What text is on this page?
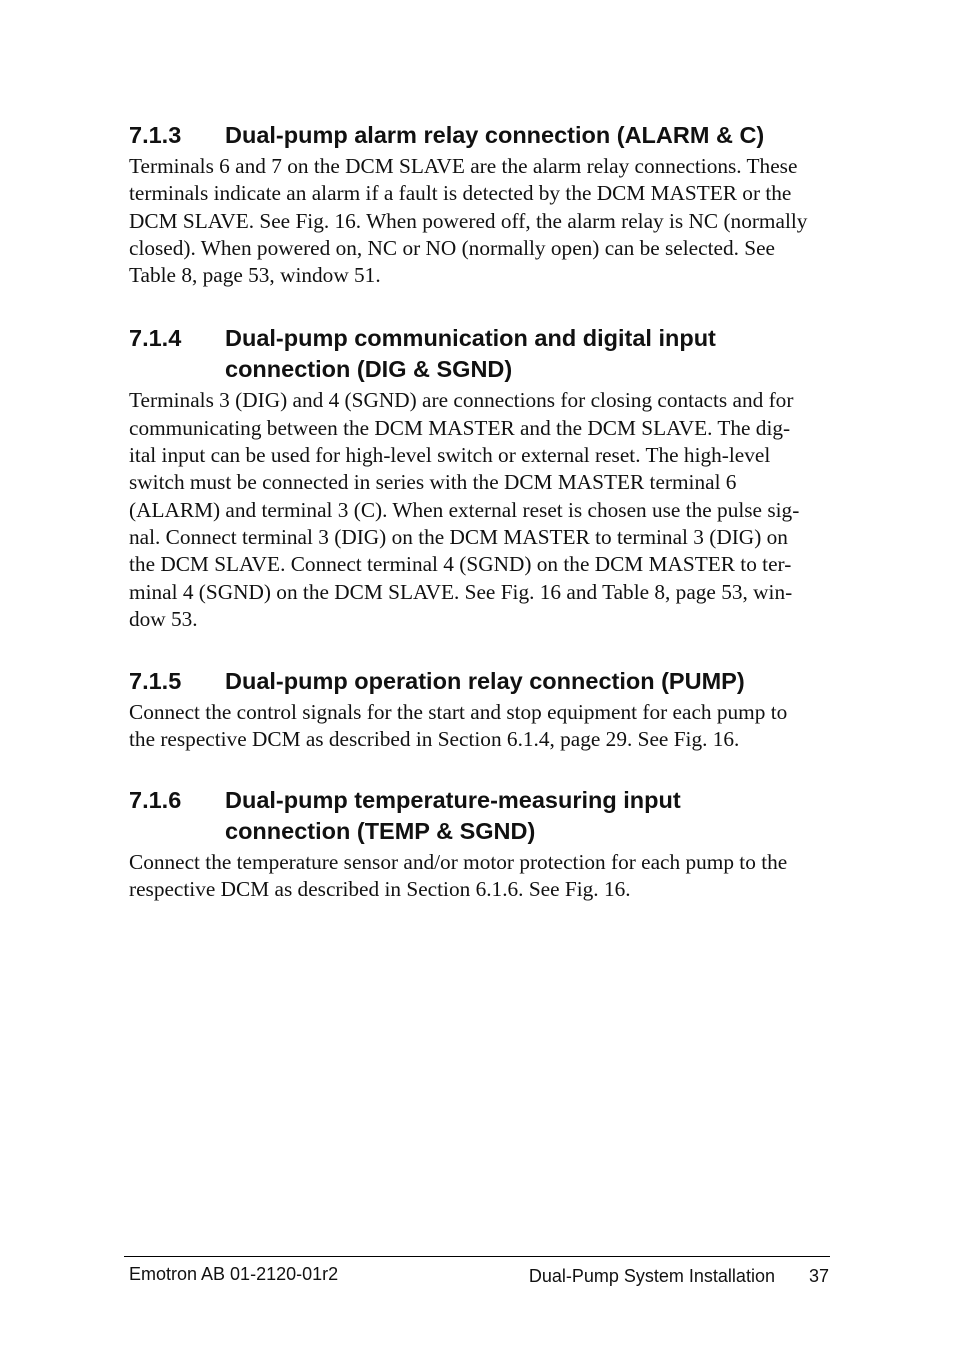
7.1.3	Dual-pump alarm relay connection (ALARM & C)

Terminals 6 and 7 on the DCM SLAVE are the alarm relay connections. These
terminals indicate an alarm if a fault is detected by the DCM MASTER or the
DCM SLAVE. See Fig. 16. When powered off, the alarm relay is NC (normally
closed). When powered on, NC or NO (normally open) can be selected. See
Table 8, page 53, window 51.

7.1.4	Dual-pump communication and digital input
connection (DIG & SGND)

Terminals 3 (DIG) and 4 (SGND) are connections for closing contacts and for
communicating between the DCM MASTER and the DCM SLAVE. The dig-
ital input can be used for high-level switch or external reset. The high-level
switch must be connected in series with the DCM MASTER terminal 6
(ALARM) and terminal 3 (C). When external reset is chosen use the pulse sig-
nal. Connect terminal 3 (DIG) on the DCM MASTER to terminal 3 (DIG) on
the DCM SLAVE. Connect terminal 4 (SGND) on the DCM MASTER to ter-
minal 4 (SGND) on the DCM SLAVE. See Fig. 16 and Table 8, page 53, win-
dow 53.

7.1.5	Dual-pump operation relay connection (PUMP)

Connect the control signals for the start and stop equipment for each pump to
the respective DCM as described in Section 6.1.4, page 29. See Fig. 16.

7.1.6	Dual-pump temperature-measuring input
connection (TEMP & SGND)

Connect the temperature sensor and/or motor protection for each pump to the
respective DCM as described in Section 6.1.6. See Fig. 16.

Emotron AB 01-2120-01r2	Dual-Pump System Installation 37
